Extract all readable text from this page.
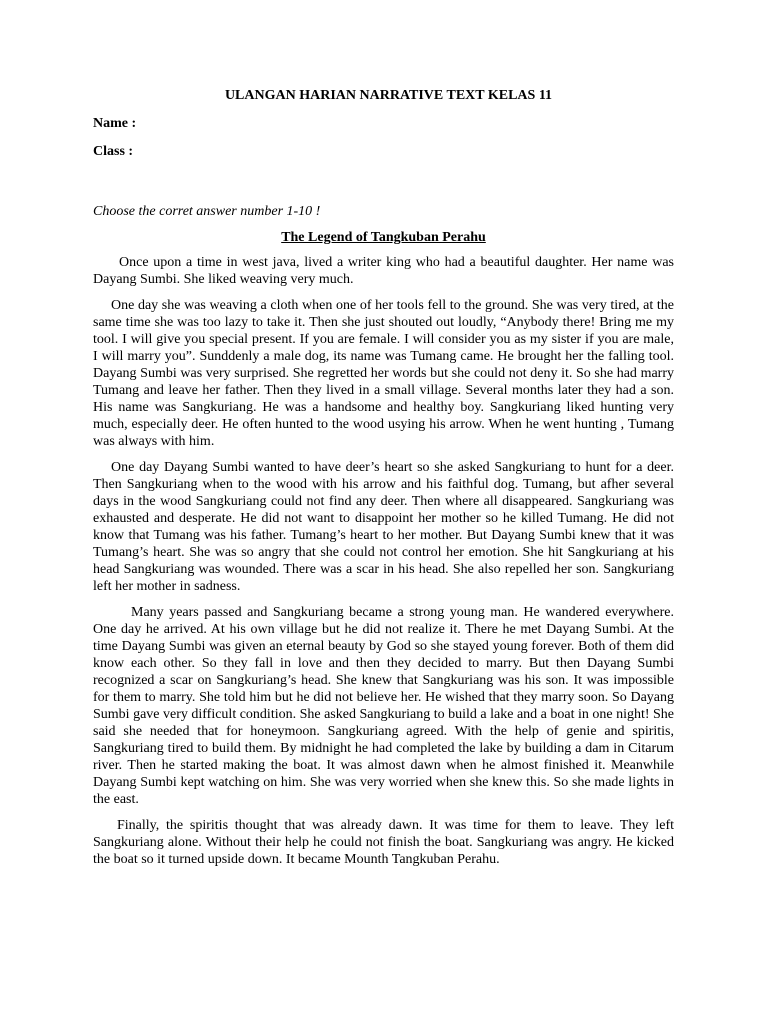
ULANGAN HARIAN NARRATIVE TEXT KELAS 11
Name :
Class :
Choose the corret answer number 1-10 !
The Legend of Tangkuban Perahu

Once upon a time in west java, lived a writer king who had a beautiful daughter. Her name was Dayang Sumbi. She liked weaving very much.

One day she was weaving a cloth when one of her tools fell to the ground. She was very tired, at the same time she was too lazy to take it. Then she just shouted out loudly, “Anybody there! Bring me my tool. I will give you special present. If you are female. I will consider you as my sister if you are male, I will marry you”. Sunddenly a male dog, its name was Tumang came. He brought her the falling tool. Dayang Sumbi was very surprised. She regretted her words but she could not deny it. So she had marry Tumang and leave her father. Then they lived in a small village. Several months later they had a son. His name was Sangkuriang. He was a handsome and healthy boy. Sangkuriang liked hunting very much, especially deer. He often hunted to the wood usying his arrow. When he went hunting , Tumang was always with him.

One day Dayang Sumbi wanted to have deer’s heart so she asked Sangkuriang to hunt for a deer. Then Sangkuriang when to the wood with his arrow and his faithful dog. Tumang, but afher several days in the wood Sangkuriang could not find any deer. Then where all disappeared. Sangkuriang was exhausted and desperate. He did not want to disappoint her mother so he killed Tumang. He did not know that Tumang was his father. Tumang’s heart to her mother. But Dayang Sumbi knew that it was Tumang’s heart. She was so angry that she could not control her emotion. She hit Sangkuriang at his head Sangkuriang was wounded. There was a scar in his head. She also repelled her son. Sangkuriang left her mother in sadness.

Many years passed and Sangkuriang became a strong young man. He wandered everywhere. One day he arrived. At his own village but he did not realize it. There he met Dayang Sumbi. At the time Dayang Sumbi was given an eternal beauty by God so she stayed young forever. Both of them did know each other. So they fall in love and then they decided to marry. But then Dayang Sumbi recognized a scar on Sangkuriang’s head. She knew that Sangkuriang was his son. It was impossible for them to marry. She told him but he did not believe her. He wished that they marry soon. So Dayang Sumbi gave very difficult condition. She asked Sangkuriang to build a lake and a boat in one night! She said she needed that for honeymoon. Sangkuriang agreed. With the help of genie and spiritis, Sangkuriang tired to build them. By midnight he had completed the lake by building a dam in Citarum river. Then he started making the boat. It was almost dawn when he almost finished it. Meanwhile Dayang Sumbi kept watching on him. She was very worried when she knew this. So she made lights in the east.

Finally, the spiritis thought that was already dawn. It was time for them to leave. They left Sangkuriang alone. Without their help he could not finish the boat. Sangkuriang was angry. He kicked the boat so it turned upside down. It became Mounth Tangkuban Perahu.
